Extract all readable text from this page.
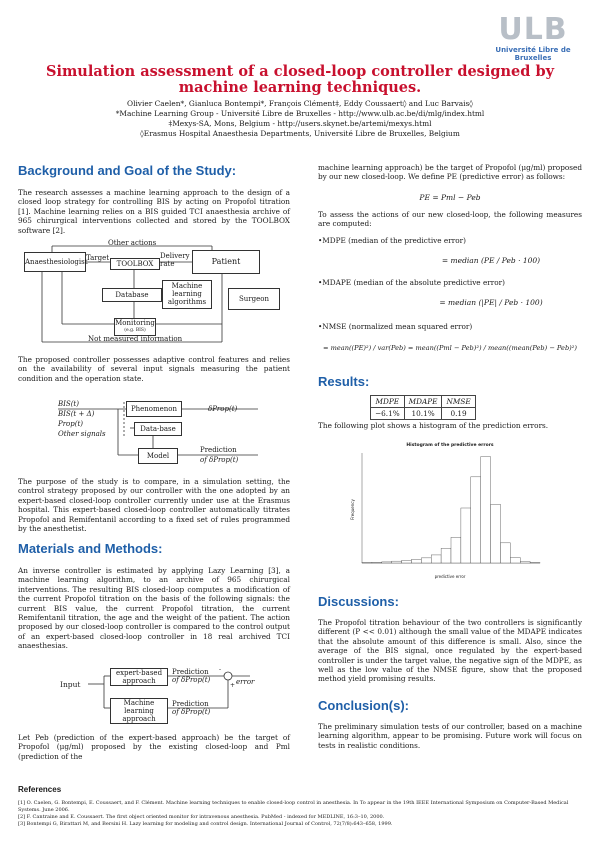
ULB
Université Libre de Bruxelles
Simulation assessment of a closed-loop controller designed by machine learning techniques.
Olivier Caelen*, Gianluca Bontempi*, François Clément‡, Eddy Coussaert◊ and Luc Barvais◊
*Machine Learning Group - Université Libre de Bruxelles - http://www.ulb.ac.be/di/mlg/index.html
‡Mexys-SA, Mons, Belgium - http://users.skynet.be/artemi/mexys.html
◊Erasmus Hospital Anaesthesia Departments, Université Libre de Bruxelles, Belgium
Background and Goal of the Study:
The research assesses a machine learning approach to the design of a closed loop strategy for controlling BIS by acting on Propofol titration [1]. Machine learning relies on a BIS guided TCI anaesthesia archive of 965 chirurgical interventions collected and stored by the TOOLBOX software [2].
Anaesthesiologist
Other actions
Target
TOOLBOX
Delivery rate	Patient
Database
Machine learning algorithms	Surgeon
Monitoring
(e.g. BIS)
Not measured information
The proposed controller possesses adaptive control features and relies on the availability of several input signals measuring the patient condition and the operation state.
BIS(t)
BIS(t + Δ)
Prop(t)
Other signals
Phenomenon	δProp(t)
Data-base
Model
Prediction
of δProp(t)
The purpose of the study is to compare, in a simulation setting, the control strategy proposed by our controller with the one adopted by an expert-based closed-loop controller currently under use at the Erasmus hospital. This expert-based closed-loop controller automatically titrates Propofol and Remifentanil according to a fixed set of rules programmed by the anesthetist.
Materials and Methods:
An inverse controller is estimated by applying Lazy Learning [3], a machine learning algorithm, to an archive of 965 chirurgical interventions. The resulting BIS closed-loop computes a modification of the current Propofol titration on the basis of the following signals: the current BIS value, the current Propofol titration, the current Remifentanil titration, the age and the weight of the patient. The action proposed by our closed-loop controller is compared to the control output of an expert-based closed-loop controller in 18 real archived TCI anaesthesias.
Input
expert-based approach
Machine learning approach
Prediction
of δProp(t)
Prediction
of δProp(t)
-
+ error
Let Peb (prediction of the expert-based approach) be the target of Propofol (μg/ml) proposed by the existing closed-loop and Pml (prediction of the
machine learning approach) be the target of Propofol (μg/ml) proposed by our new closed-loop. We define PE (predictive error) as follows:
PE = Pml − Peb
To assess the actions of our new closed-loop, the following measures are computed:
•MDPE (median of the predictive error)
= median (PE / Peb · 100)
•MDAPE (median of the absolute predictive error)
= median (|PE| / Peb · 100)
•NMSE (normalized mean squared error)
= mean((PE)²) / var(Peb) = mean((Pml − Peb)²) / mean((mean(Peb) − Peb)²)
Results:
MDPE	MDAPE	NMSE
−6.1%	10.1%	0.19
The following plot shows a histogram of the prediction errors.
Histogram of the predictive errors
predictive error
Frequency
Discussions:
The Propofol titration behaviour of the two controllers is significantly different (P << 0.01) although the small value of the MDAPE indicates that the absolute amount of this difference is small. Also, since the average of the BIS signal, once regulated by the expert-based controller is under the target value, the negative sign of the MDPE, as well as the low value of the NMSE figure, show that the proposed method yield promising results.
Conclusion(s):
The preliminary simulation tests of our controller, based on a machine learning algorithm, appear to be promising. Future work will focus on tests in realistic conditions.
References
[1] O. Caelen, G. Bontempi, E. Coussaert, and F. Clément. Machine learning techniques to enable closed-loop control in anesthesia. In To appear in the 19th IEEE International Symposium on Computer-Based Medical Systems. June 2006.
[2] F. Cantraine and E. Coussaert. The first object oriented monitor for intravenous anesthesia. PubMed - indexed for MEDLINE, 16:3–10, 2000.
[3] Bontempi G, Birattari M, and Bersini H. Lazy learning for modeling and control design. International Journal of Control, 72(7/8):643–658, 1999.
